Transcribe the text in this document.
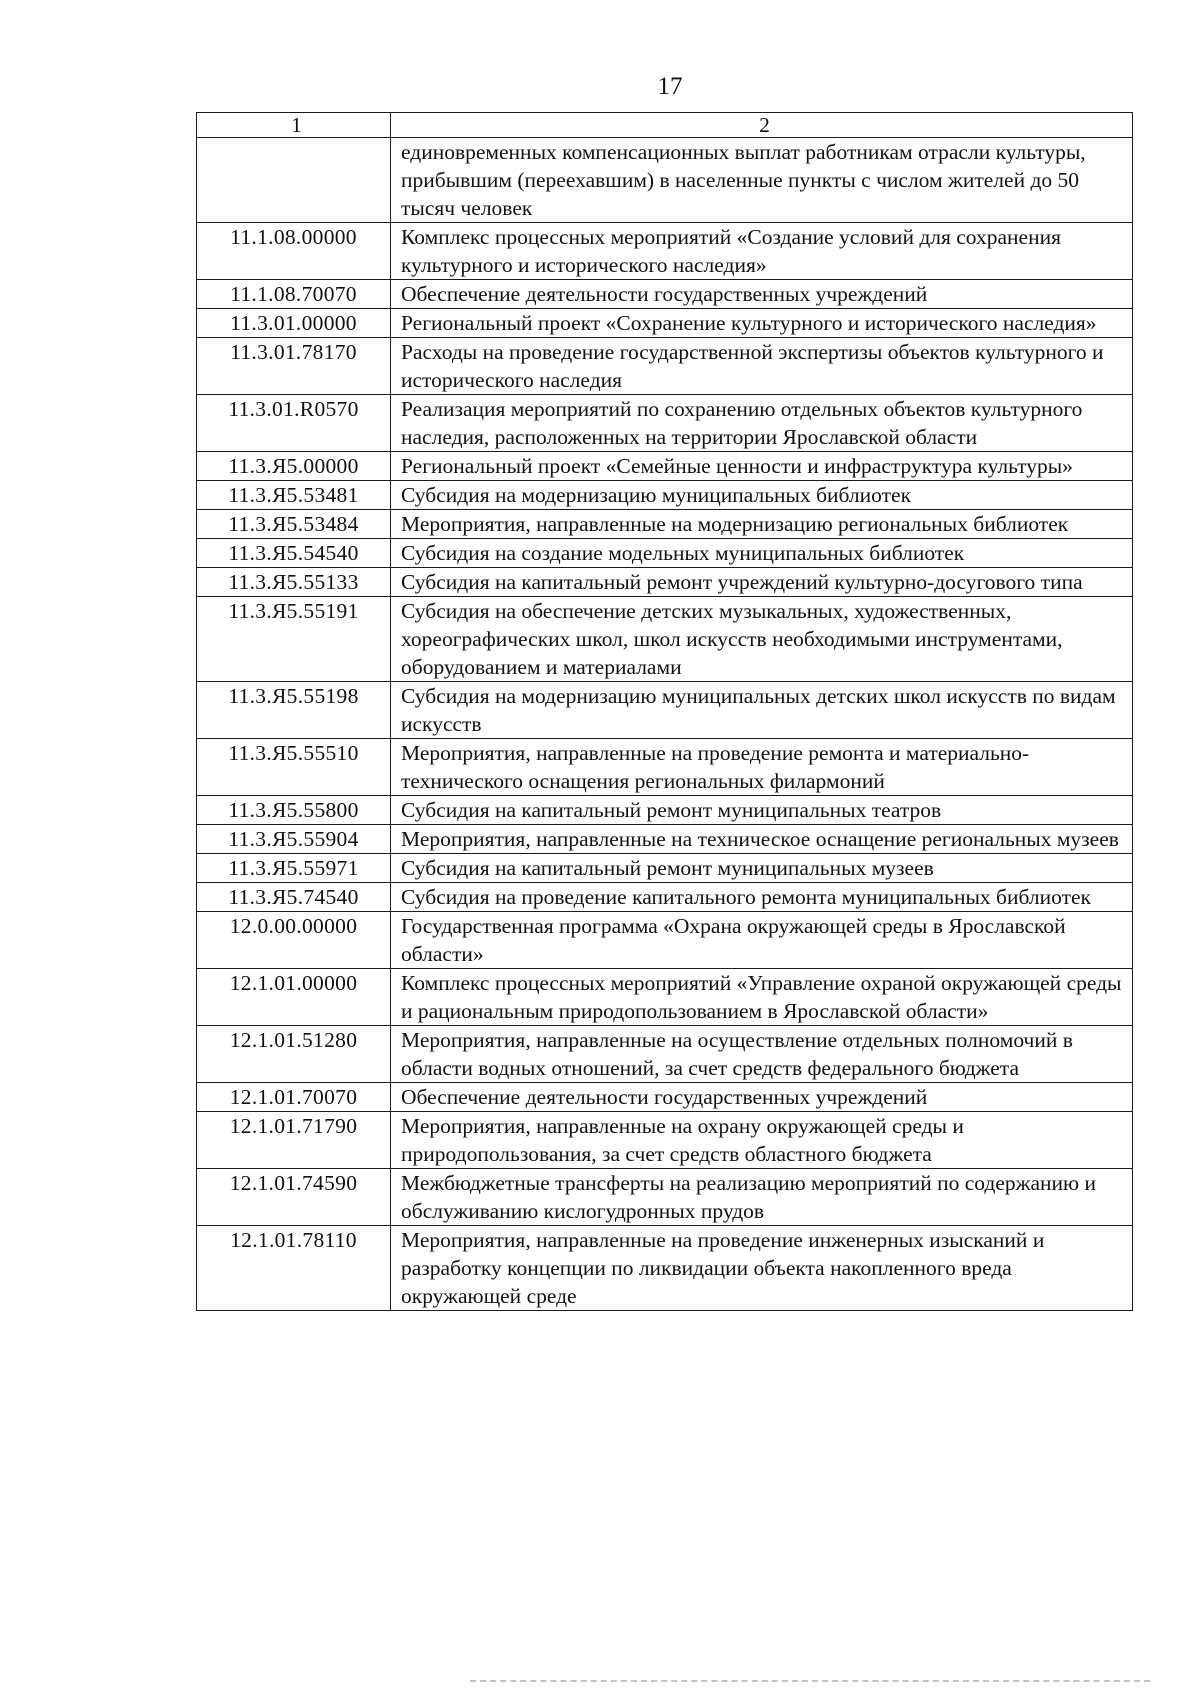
17
1	2
	единовременных компенсационных выплат работникам отрасли культуры, прибывшим (переехавшим) в населенные пункты с числом жителей до 50 тысяч человек
11.1.08.00000	Комплекс процессных мероприятий «Создание условий для сохранения культурного и исторического наследия»
11.1.08.70070	Обеспечение деятельности государственных учреждений
11.3.01.00000	Региональный проект «Сохранение культурного и исторического наследия»
11.3.01.78170	Расходы на проведение государственной экспертизы объектов культурного и исторического наследия
11.3.01.R0570	Реализация мероприятий по сохранению отдельных объектов культурного наследия, расположенных на территории Ярославской области
11.3.Я5.00000	Региональный проект «Семейные ценности и инфраструктура культуры»
11.3.Я5.53481	Субсидия на модернизацию муниципальных библиотек
11.3.Я5.53484	Мероприятия, направленные на модернизацию региональных библиотек
11.3.Я5.54540	Субсидия на создание модельных муниципальных библиотек
11.3.Я5.55133	Субсидия на капитальный ремонт учреждений культурно-досугового типа
11.3.Я5.55191	Субсидия на обеспечение детских музыкальных, художественных, хореографических школ, школ искусств необходимыми инструментами, оборудованием и материалами
11.3.Я5.55198	Субсидия на модернизацию муниципальных детских школ искусств по видам искусств
11.3.Я5.55510	Мероприятия, направленные на проведение ремонта и материально-технического оснащения региональных филармоний
11.3.Я5.55800	Субсидия на капитальный ремонт муниципальных театров
11.3.Я5.55904	Мероприятия, направленные на техническое оснащение региональных музеев
11.3.Я5.55971	Субсидия на капитальный ремонт муниципальных музеев
11.3.Я5.74540	Субсидия на проведение капитального ремонта муниципальных библиотек
12.0.00.00000	Государственная программа «Охрана окружающей среды в Ярославской области»
12.1.01.00000	Комплекс процессных мероприятий «Управление охраной окружающей среды и рациональным природопользованием в Ярославской области»
12.1.01.51280	Мероприятия, направленные на осуществление отдельных полномочий в области водных отношений, за счет средств федерального бюджета
12.1.01.70070	Обеспечение деятельности государственных учреждений
12.1.01.71790	Мероприятия, направленные на охрану окружающей среды и природопользования, за счет средств областного бюджета
12.1.01.74590	Межбюджетные трансферты на реализацию мероприятий по содержанию и обслуживанию кислогудронных прудов
12.1.01.78110	Мероприятия, направленные на проведение инженерных изысканий и разработку концепции по ликвидации объекта накопленного вреда окружающей среде
